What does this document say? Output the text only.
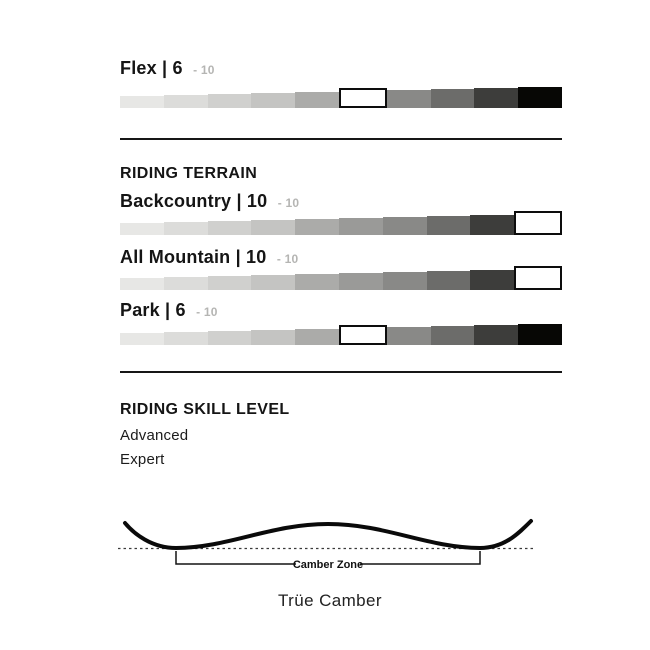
Flex | 6 - 10
RIDING TERRAIN
Backcountry | 10 - 10
All Mountain | 10 - 10
Park | 6 - 10
RIDING SKILL LEVEL
Advanced
Expert
Camber Zone
Trüe Camber
